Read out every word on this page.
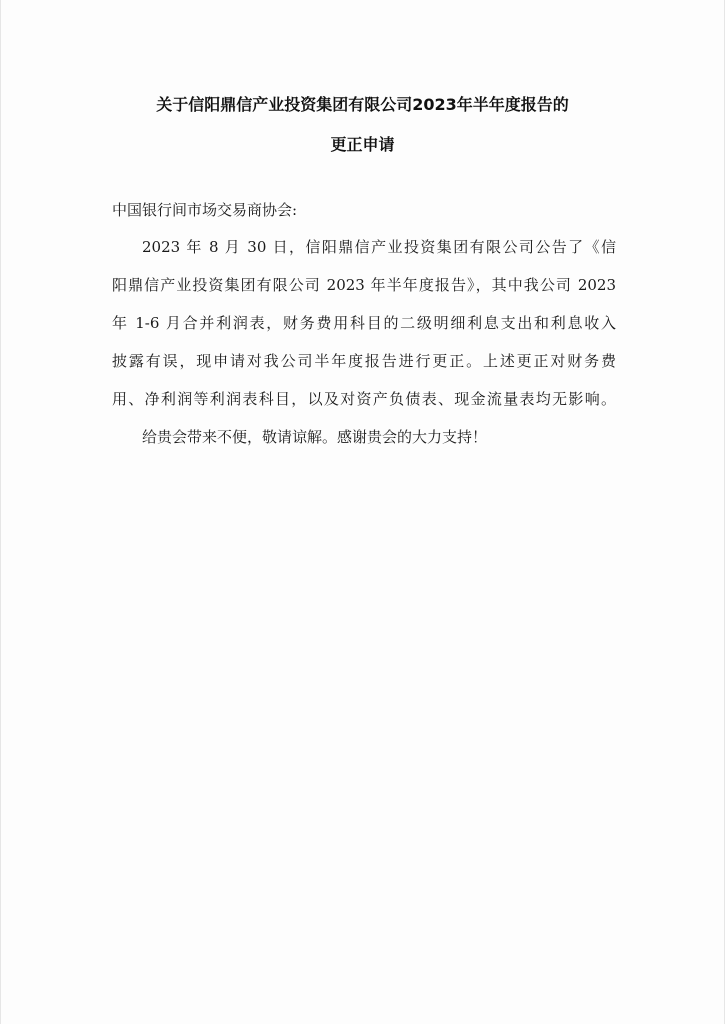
关于信阳鼎信产业投资集团有限公司2023年半年度报告的
更正申请
中国银行间市场交易商协会:
2023 年 8 月 30 日，信阳鼎信产业投资集团有限公司公告了《信
阳鼎信产业投资集团有限公司 2023 年半年度报告》，其中我公司 2023
年 1-6 月合并利润表，财务费用科目的二级明细利息支出和利息收入
披露有误，现申请对我公司半年度报告进行更正。上述更正对财务费
用、净利润等利润表科目，以及对资产负债表、现金流量表均无影响。
给贵会带来不便，敬请谅解。感谢贵会的大力支持！
